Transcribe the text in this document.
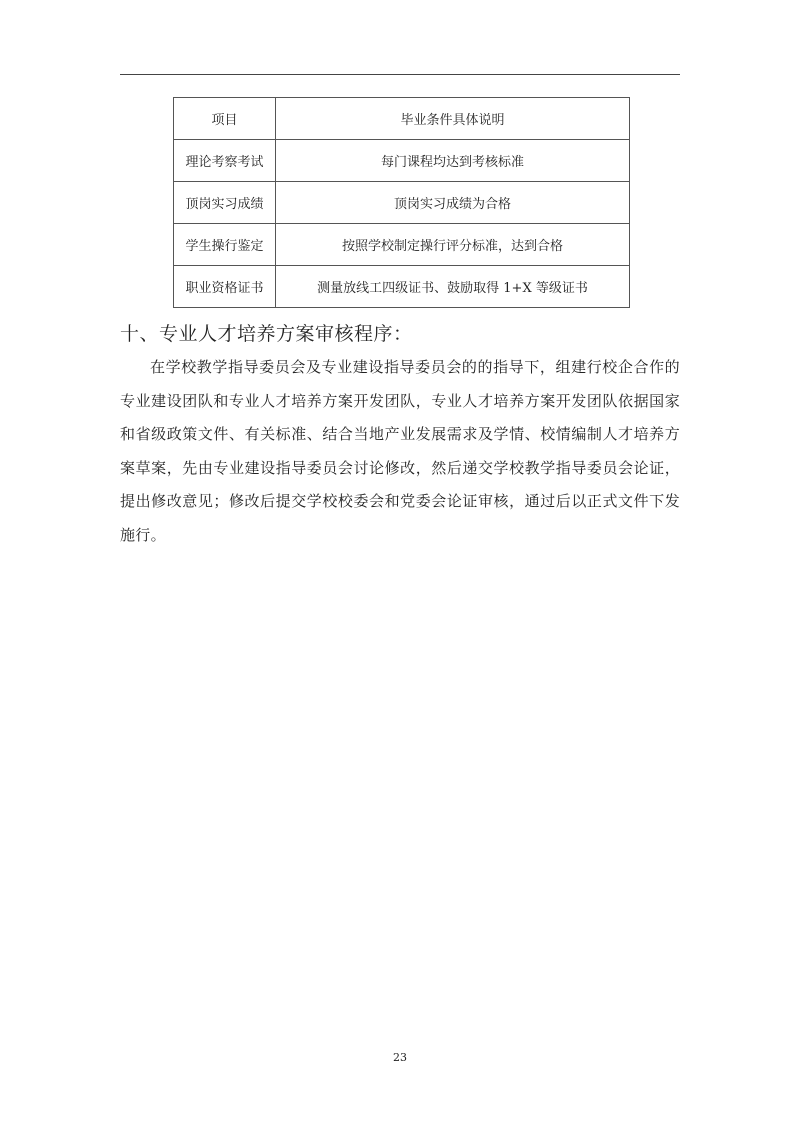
项目	毕业条件具体说明
理论考察考试	每门课程均达到考核标准
顶岗实习成绩	顶岗实习成绩为合格
学生操行鉴定	按照学校制定操行评分标准，达到合格
职业资格证书	测量放线工四级证书、鼓励取得 1+X 等级证书
十、专业人才培养方案审核程序：

在学校教学指导委员会及专业建设指导委员会的的指导下，组建行校企合作的专业建设团队和专业人才培养方案开发团队，专业人才培养方案开发团队依据国家和省级政策文件、有关标准、结合当地产业发展需求及学情、校情编制人才培养方案草案，先由专业建设指导委员会讨论修改，然后递交学校教学指导委员会论证，提出修改意见；修改后提交学校校委会和党委会论证审核，通过后以正式文件下发施行。

23
